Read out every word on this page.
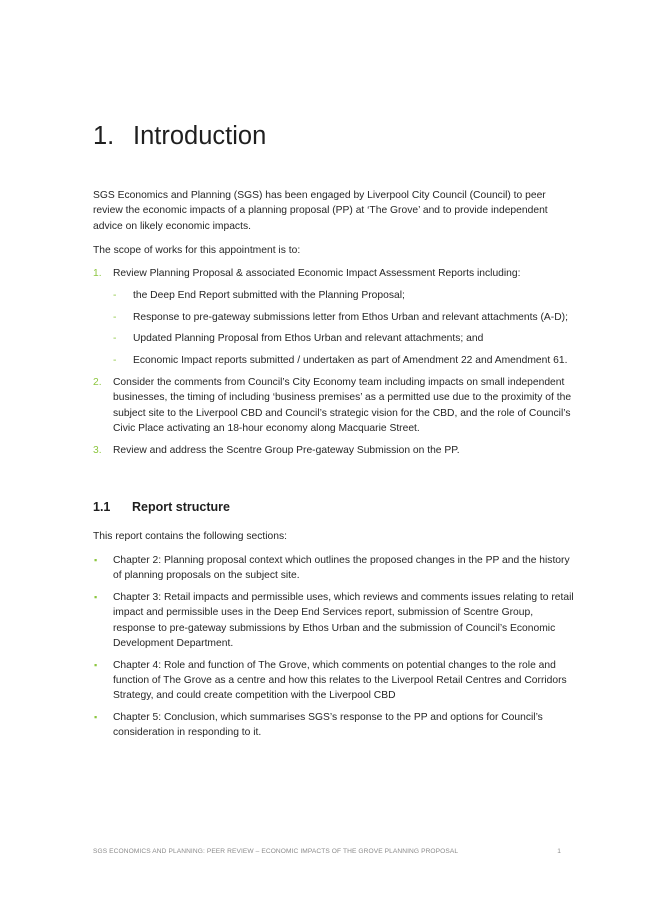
1. Introduction

SGS Economics and Planning (SGS) has been engaged by Liverpool City Council (Council) to peer review the economic impacts of a planning proposal (PP) at ‘The Grove’ and to provide independent advice on likely economic impacts.

The scope of works for this appointment is to:

1. Review Planning Proposal & associated Economic Impact Assessment Reports including:
- the Deep End Report submitted with the Planning Proposal;
- Response to pre-gateway submissions letter from Ethos Urban and relevant attachments (A-D);
- Updated Planning Proposal from Ethos Urban and relevant attachments; and
- Economic Impact reports submitted / undertaken as part of Amendment 22 and Amendment 61.
2. Consider the comments from Council’s City Economy team including impacts on small independent businesses, the timing of including ‘business premises’ as a permitted use due to the proximity of the subject site to the Liverpool CBD and Council’s strategic vision for the CBD, and the role of Council’s Civic Place activating an 18-hour economy along Macquarie Street.
3. Review and address the Scentre Group Pre-gateway Submission on the PP.
1.1 Report structure

This report contains the following sections:

▪ Chapter 2: Planning proposal context which outlines the proposed changes in the PP and the history of planning proposals on the subject site.
▪ Chapter 3: Retail impacts and permissible uses, which reviews and comments issues relating to retail impact and permissible uses in the Deep End Services report, submission of Scentre Group, response to pre-gateway submissions by Ethos Urban and the submission of Council’s Economic Development Department.
▪ Chapter 4: Role and function of The Grove, which comments on potential changes to the role and function of The Grove as a centre and how this relates to the Liverpool Retail Centres and Corridors Strategy, and could create competition with the Liverpool CBD
▪ Chapter 5: Conclusion, which summarises SGS’s response to the PP and options for Council’s consideration in responding to it.
SGS ECONOMICS AND PLANNING: PEER REVIEW – ECONOMIC IMPACTS OF THE GROVE PLANNING PROPOSAL	1
